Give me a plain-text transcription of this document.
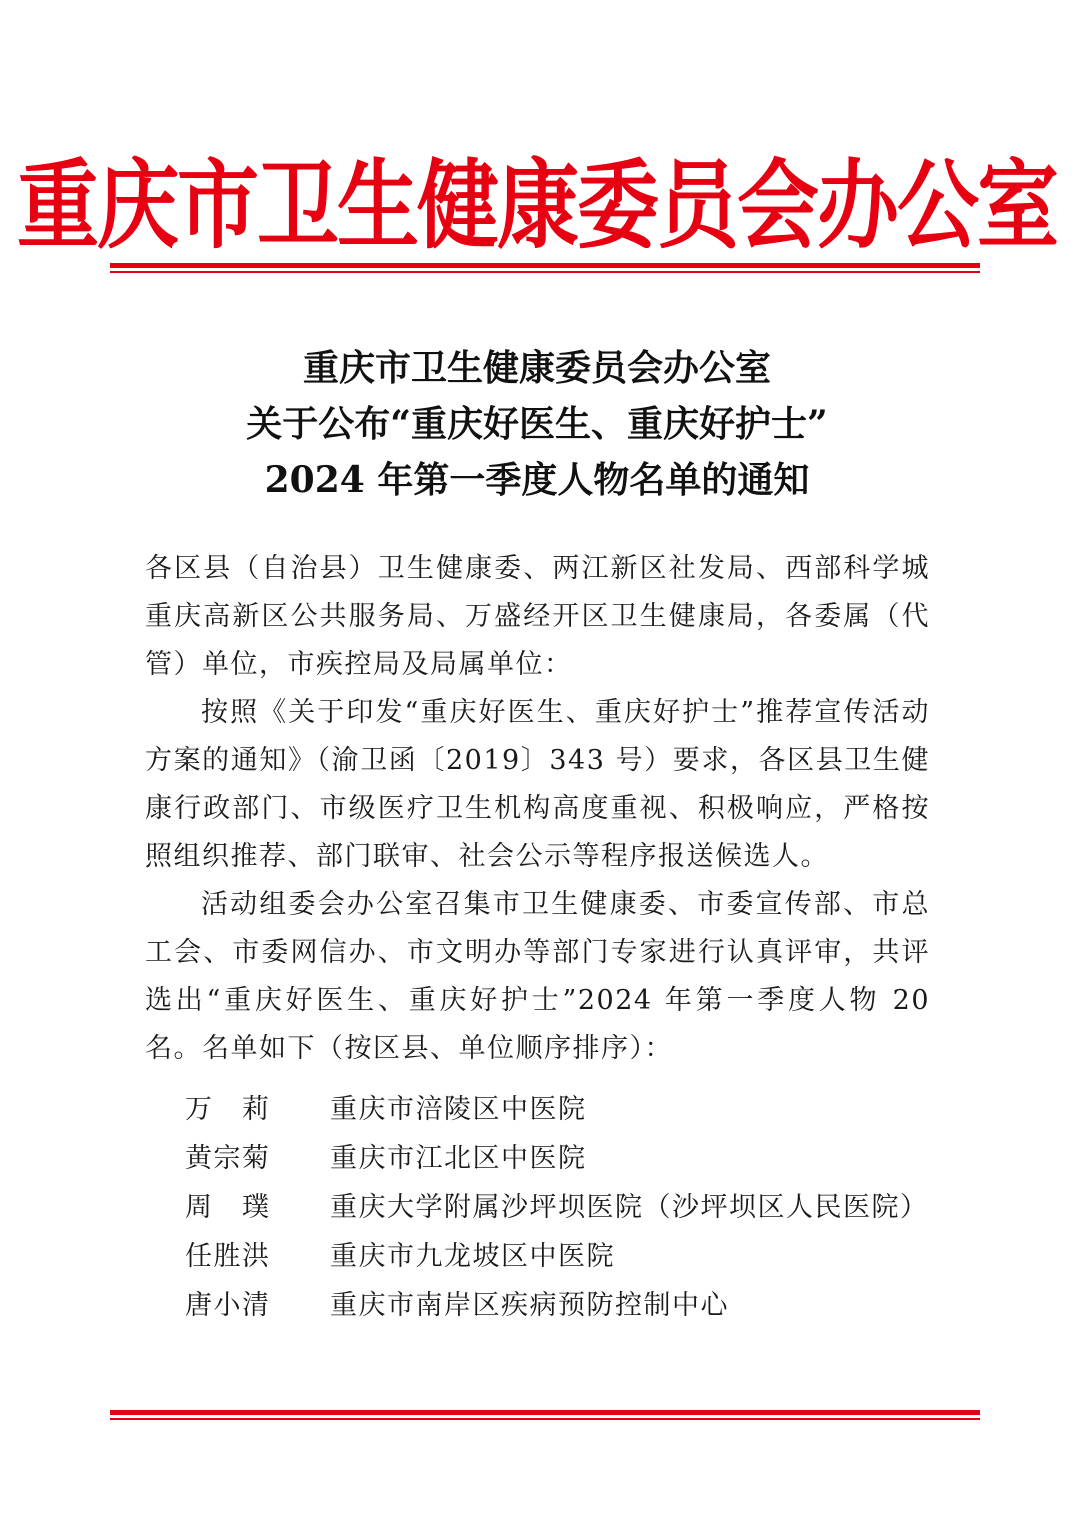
重庆市卫生健康委员会办公室
重庆市卫生健康委员会办公室
关于公布“重庆好医生、重庆好护士”
2024 年第一季度人物名单的通知

各区县（自治县）卫生健康委、两江新区社发局、西部科学城重庆高新区公共服务局、万盛经开区卫生健康局，各委属（代管）单位，市疾控局及局属单位：

按照《关于印发“重庆好医生、重庆好护士”推荐宣传活动方案的通知》（渝卫函〔2019〕343 号）要求，各区县卫生健康行政部门、市级医疗卫生机构高度重视、积极响应，严格按照组织推荐、部门联审、社会公示等程序报送候选人。

活动组委会办公室召集市卫生健康委、市委宣传部、市总工会、市委网信办、市文明办等部门专家进行认真评审，共评选出“重庆好医生、重庆好护士”2024 年第一季度人物 20 名。名单如下（按区县、单位顺序排序）：

万　莉	重庆市涪陵区中医院
黄宗菊	重庆市江北区中医院
周　璞	重庆大学附属沙坪坝医院（沙坪坝区人民医院）
任胜洪	重庆市九龙坡区中医院
唐小清	重庆市南岸区疾病预防控制中心
